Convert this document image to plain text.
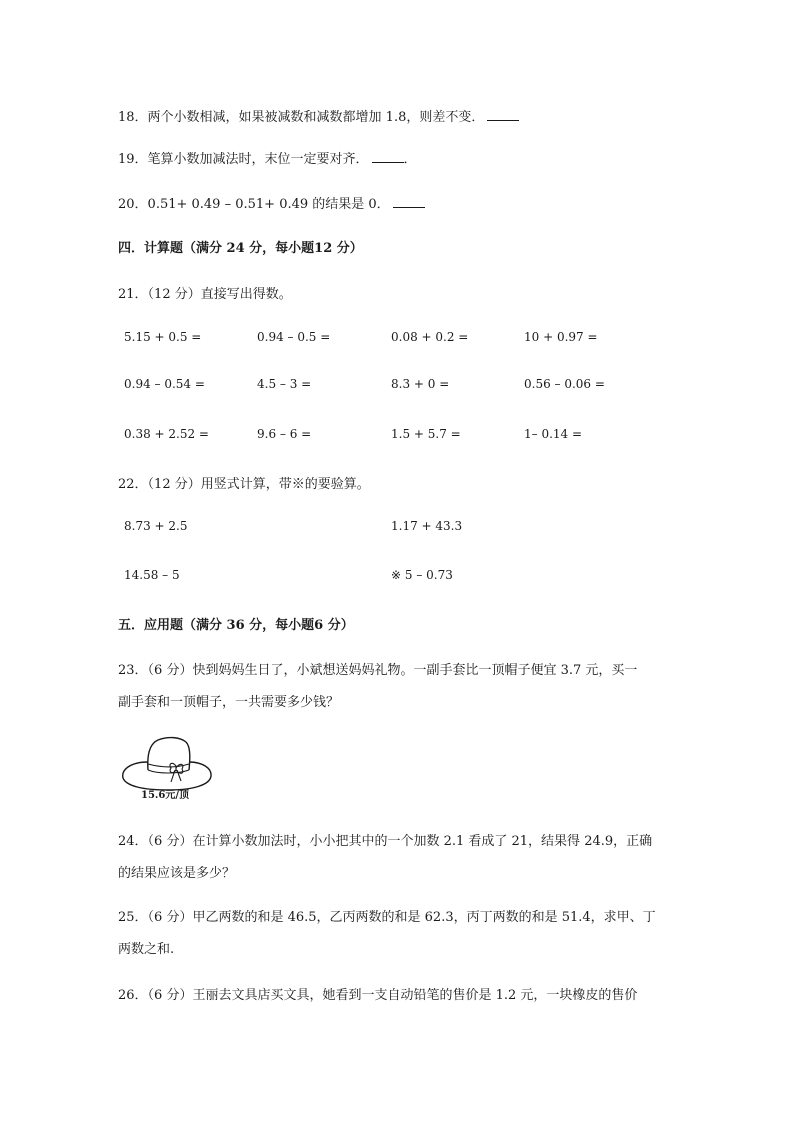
18．两个小数相减，如果被减数和减数都增加 1.8，则差不变．
19．笔算小数加减法时，末位一定要对齐．	．
20．0.51+ 0.49 – 0.51+ 0.49 的结果是 0．
四．计算题（满分 24 分，每小题12 分）
21．（12 分）直接写出得数。
5.15 + 0.5 =	0.94 – 0.5 =	0.08 + 0.2 =	10 + 0.97 =
0.94 – 0.54 =	4.5 – 3 =	8.3 + 0 =	0.56 – 0.06 =
0.38 + 2.52 =	9.6 – 6 =	1.5 + 5.7 =	1– 0.14 =
22．（12 分）用竖式计算，带※的要验算。
8.73 + 2.5	1.17 + 43.3
14.58 – 5	※ 5 – 0.73
五．应用题（满分 36 分，每小题6 分）
23．（6 分）快到妈妈生日了，小斌想送妈妈礼物。一副手套比一顶帽子便宜 3.7 元，买一
副手套和一顶帽子，一共需要多少钱？
15.6元/顶
24．（6 分）在计算小数加法时，小小把其中的一个加数 2.1 看成了 21，结果得 24.9，正确
的结果应该是多少？
25．（6 分）甲乙两数的和是 46.5，乙丙两数的和是 62.3，丙丁两数的和是 51.4，求甲、丁
两数之和.
26．（6 分）王丽去文具店买文具，她看到一支自动铅笔的售价是 1.2 元，一块橡皮的售价
